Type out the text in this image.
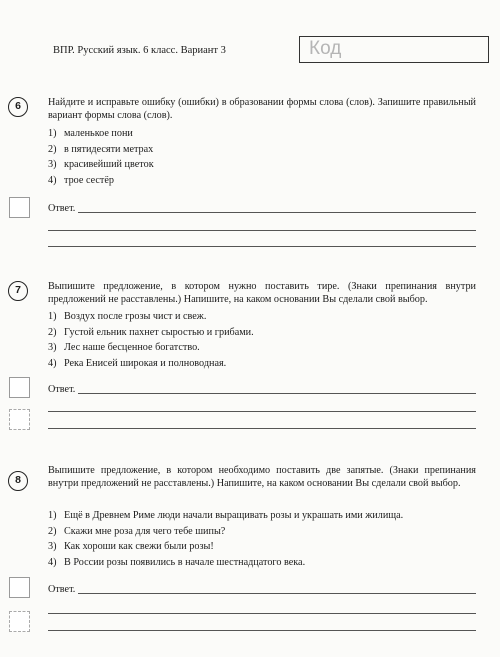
ВПР. Русский язык. 6 класс. Вариант 3	Код
6	Найдите и исправьте ошибку (ошибки) в образовании формы слова (слов). Запишите правильный вариант формы слова (слов).
1) маленькое пони
2) в пятидесяти метрах
3) красивейший цветок
4) трое сестёр
Ответ.
7	Выпишите предложение, в котором нужно поставить тире. (Знаки препинания внутри предложений не расставлены.) Напишите, на каком основании Вы сделали свой выбор.
1) Воздух после грозы чист и свеж.
2) Густой ельник пахнет сыростью и грибами.
3) Лес наше бесценное богатство.
4) Река Енисей широкая и полноводная.
Ответ.
8
Выпишите предложение, в котором необходимо поставить две запятые. (Знаки препинания внутри предложений не расставлены.) Напишите, на каком основании Вы сделали свой выбор.
1) Ещё в Древнем Риме люди начали выращивать розы и украшать ими жилища.
2) Скажи мне роза для чего тебе шипы?
3) Как хороши как свежи были розы!
4) В России розы появились в начале шестнадцатого века.
Ответ.
